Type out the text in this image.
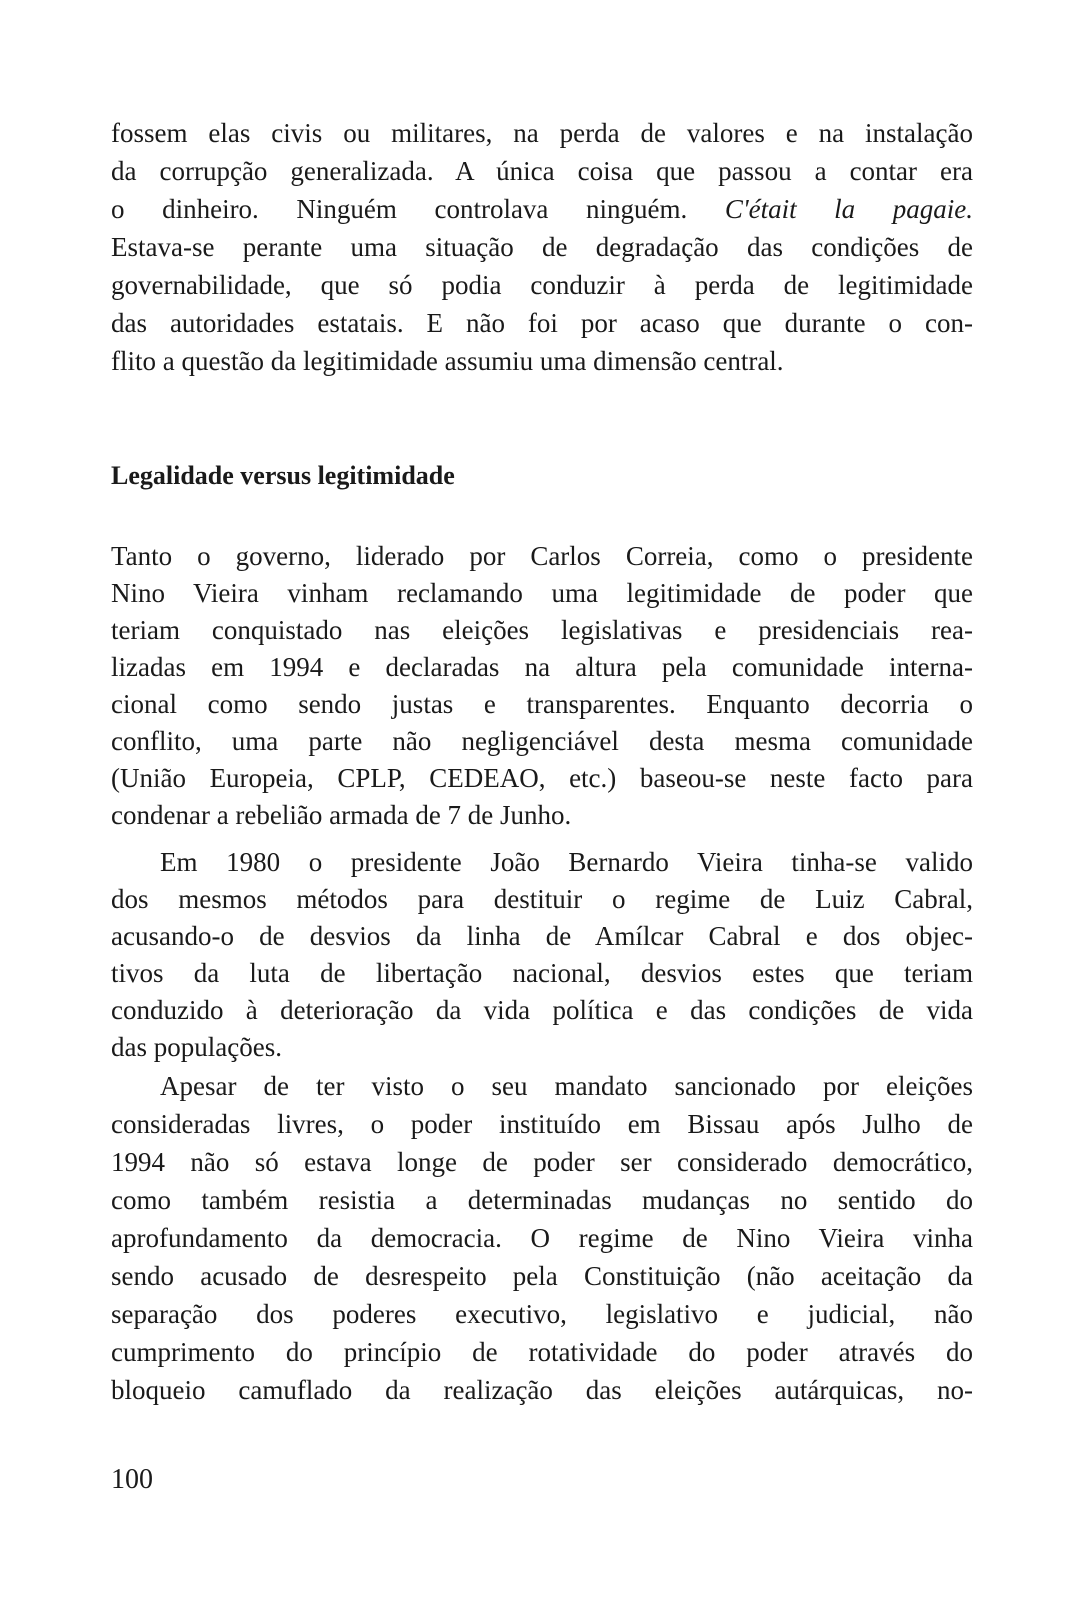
fossem elas civis ou militares, na perda de valores e na instalação
da corrupção generalizada. A única coisa que passou a contar era
o dinheiro. Ninguém controlava ninguém. C'était la pagaie.
Estava-se perante uma situação de degradação das condições de
governabilidade, que só podia conduzir à perda de legitimidade
das autoridades estatais. E não foi por acaso que durante o con-
flito a questão da legitimidade assumiu uma dimensão central.
Legalidade versus legitimidade
Tanto o governo, liderado por Carlos Correia, como o presidente
Nino Vieira vinham reclamando uma legitimidade de poder que
teriam conquistado nas eleições legislativas e presidenciais rea-
lizadas em 1994 e declaradas na altura pela comunidade interna-
cional como sendo justas e transparentes. Enquanto decorria o
conflito, uma parte não negligenciável desta mesma comunidade
(União Europeia, CPLP, CEDEAO, etc.) baseou-se neste facto para
condenar a rebelião armada de 7 de Junho.
Em 1980 o presidente João Bernardo Vieira tinha-se valido
dos mesmos métodos para destituir o regime de Luiz Cabral,
acusando-o de desvios da linha de Amílcar Cabral e dos objec-
tivos da luta de libertação nacional, desvios estes que teriam
conduzido à deterioração da vida política e das condições de vida
das populações.
Apesar de ter visto o seu mandato sancionado por eleições
consideradas livres, o poder instituído em Bissau após Julho de
1994 não só estava longe de poder ser considerado democrático,
como também resistia a determinadas mudanças no sentido do
aprofundamento da democracia. O regime de Nino Vieira vinha
sendo acusado de desrespeito pela Constituição (não aceitação da
separação dos poderes executivo, legislativo e judicial, não
cumprimento do princípio de rotatividade do poder através do
bloqueio camuflado da realização das eleições autárquicas, no-
100
